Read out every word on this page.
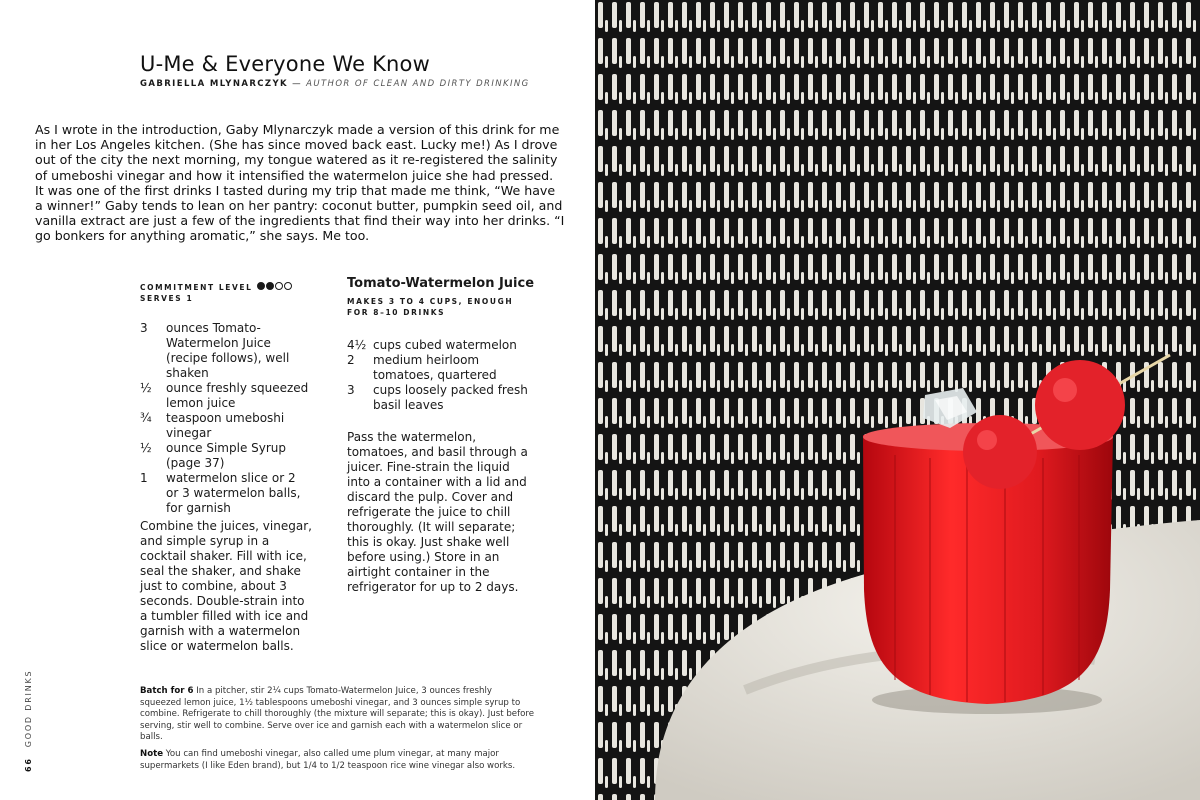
U-Me & Everyone We Know
GABRIELLA MLYNARCZYK — AUTHOR OF CLEAN AND DIRTY DRINKING

As I wrote in the introduction, Gaby Mlynarczyk made a version of this drink for me in her Los Angeles kitchen. (She has since moved back east. Lucky me!) As I drove out of the city the next morning, my tongue watered as it re-registered the salinity of umeboshi vinegar and how it intensified the watermelon juice she had pressed. It was one of the first drinks I tasted during my trip that made me think, “We have a winner!” Gaby tends to lean on her pantry: coconut butter, pumpkin seed oil, and vanilla extract are just a few of the ingredients that find their way into her drinks. “I go bonkers for anything aromatic,” she says. Me too.

COMMITMENT LEVEL
SERVES 1
3	ounces Tomato-Watermelon Juice (recipe follows), well shaken
½	ounce freshly squeezed lemon juice
¾	teaspoon umeboshi vinegar
½	ounce Simple Syrup (page 37)
1	watermelon slice or 2 or 3 watermelon balls, for garnish

Combine the juices, vinegar, and simple syrup in a cocktail shaker. Fill with ice, seal the shaker, and shake just to combine, about 3 seconds. Double-strain into a tumbler filled with ice and garnish with a watermelon slice or watermelon balls.

Tomato-Watermelon Juice
MAKES 3 TO 4 CUPS, ENOUGH FOR 8–10 DRINKS
4½ cups cubed watermelon
2	medium heirloom tomatoes, quartered
3	cups loosely packed fresh basil leaves

Pass the watermelon, tomatoes, and basil through a juicer. Fine-strain the liquid into a container with a lid and discard the pulp. Cover and refrigerate the juice to chill thoroughly. (It will separate; this is okay. Just shake well before using.) Store in an airtight container in the refrigerator for up to 2 days.

Batch for 6 In a pitcher, stir 2¼ cups Tomato-Watermelon Juice, 3 ounces freshly squeezed lemon juice, 1½ tablespoons umeboshi vinegar, and 3 ounces simple syrup to combine. Refrigerate to chill thoroughly (the mixture will separate; this is okay). Just before serving, stir well to combine. Serve over ice and garnish each with a watermelon slice or balls.

Note You can find umeboshi vinegar, also called ume plum vinegar, at many major supermarkets (I like Eden brand), but 1/4 to 1/2 teaspoon rice wine vinegar also works.

66GOOD DRINKS
